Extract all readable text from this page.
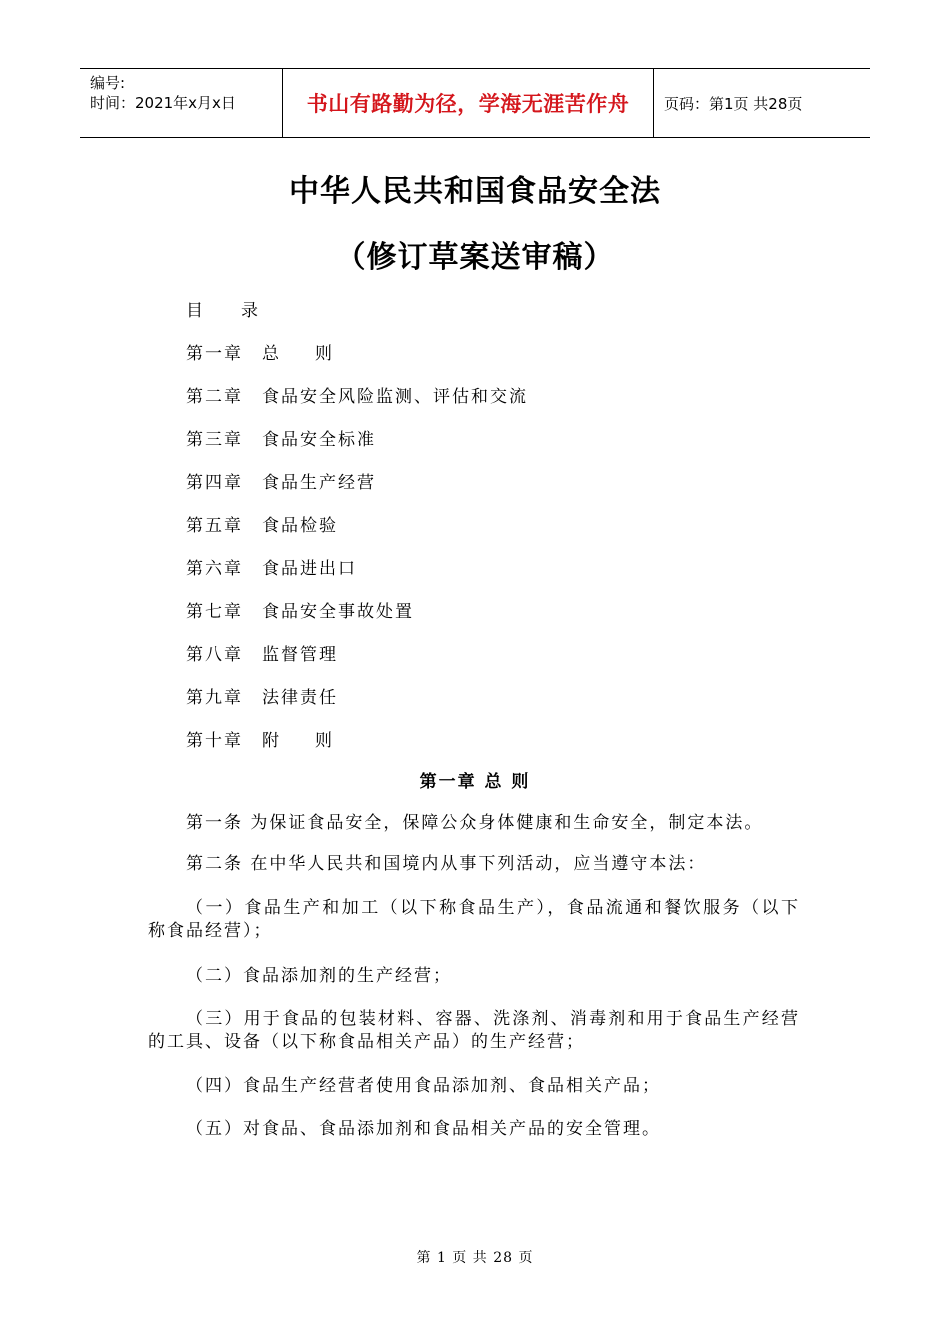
编号:
时间：2021年x月x日	书山有路勤为径，学海无涯苦作舟	页码：第1页 共28页
中华人民共和国食品安全法
（修订草案送审稿）
目 录
第一章 总 则
第二章 食品安全风险监测、评估和交流
第三章 食品安全标准
第四章 食品生产经营
第五章 食品检验
第六章 食品进出口
第七章 食品安全事故处置
第八章 监督管理
第九章 法律责任
第十章 附 则
第一章 总 则
第一条 为保证食品安全，保障公众身体健康和生命安全，制定本法。
第二条 在中华人民共和国境内从事下列活动，应当遵守本法：
（一）食品生产和加工（以下称食品生产），食品流通和餐饮服务（以下称食品经营）；
（二）食品添加剂的生产经营；
（三）用于食品的包装材料、容器、洗涤剂、消毒剂和用于食品生产经营的工具、设备（以下称食品相关产品）的生产经营；
（四）食品生产经营者使用食品添加剂、食品相关产品；
（五）对食品、食品添加剂和食品相关产品的安全管理。
第 1 页 共 28 页
